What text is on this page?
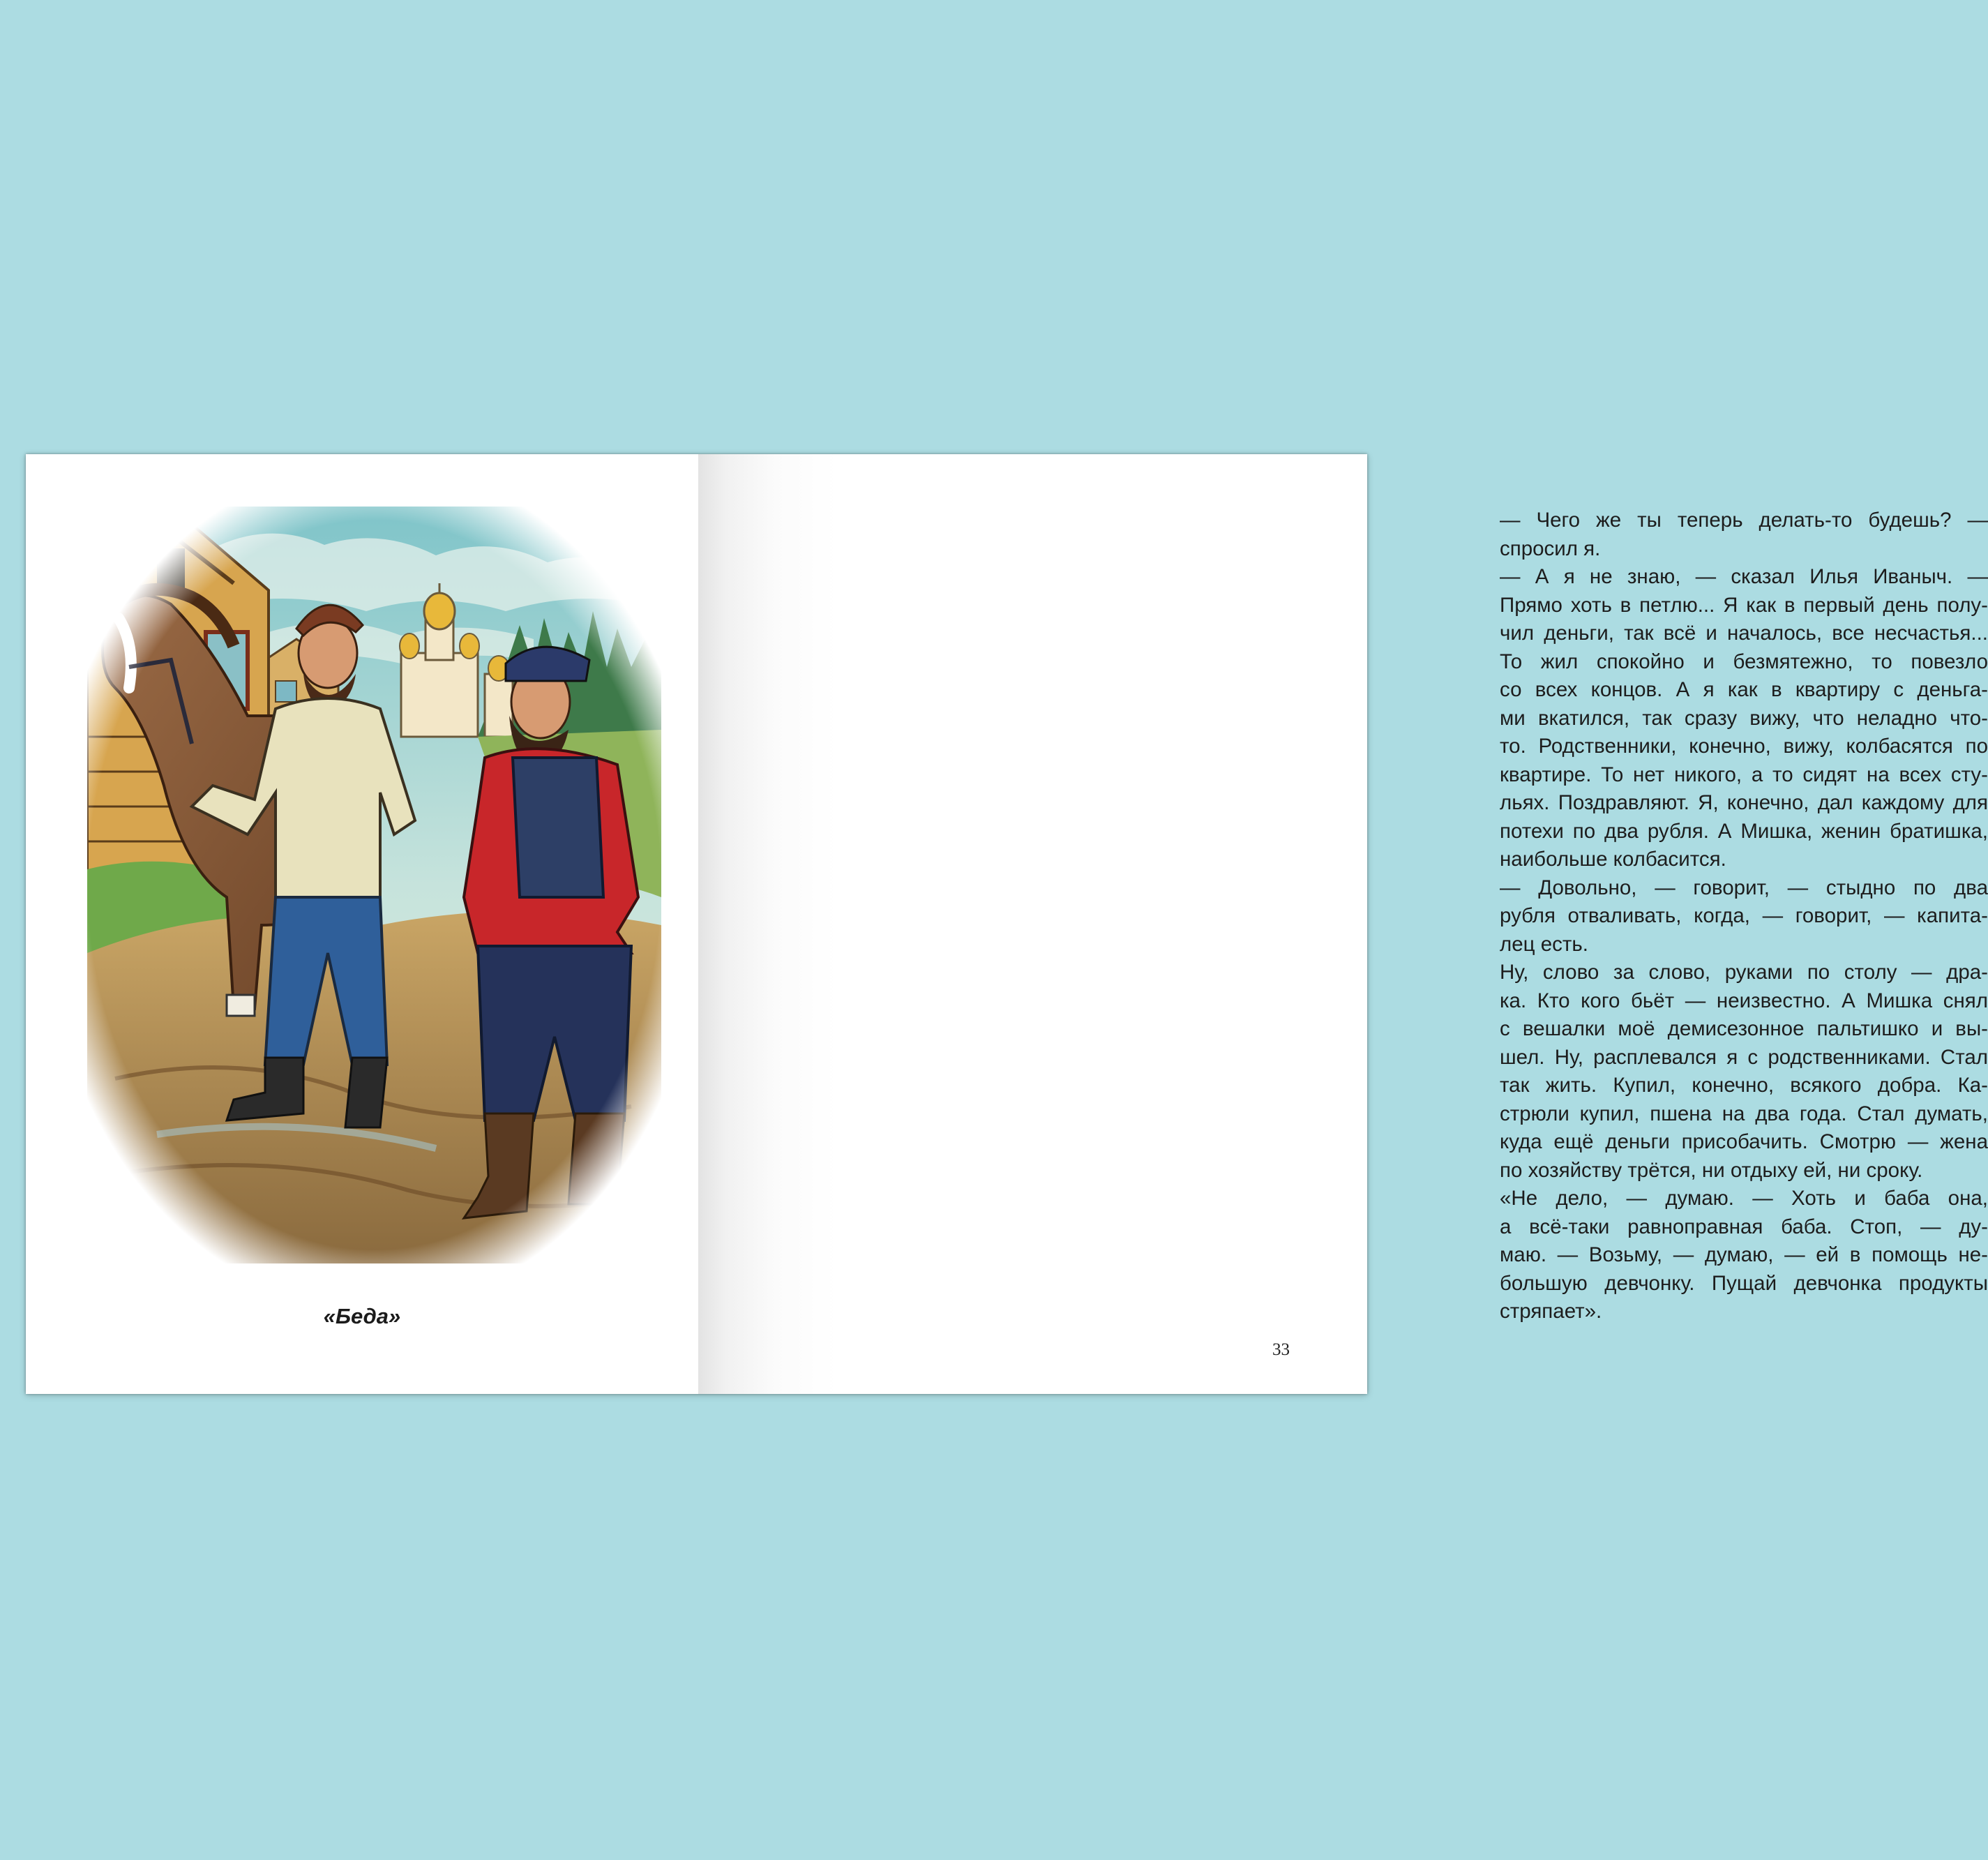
«Беда»

— Чего же ты теперь делать-то будешь? —
спросил я.

— А я не знаю, — сказал Илья Иваныч. —
Прямо хоть в петлю... Я как в первый день полу-
чил деньги, так всё и началось, все несчастья...
То жил спокойно и безмятежно, то повезло
со всех концов. А я как в квартиру с деньга-
ми вкатился, так сразу вижу, что неладно что-
то. Родственники, конечно, вижу, колбасятся по
квартире. То нет никого, а то сидят на всех сту-
льях. Поздравляют. Я, конечно, дал каждому для
потехи по два рубля. А Мишка, женин братишка,
наибольше колбасится.

— Довольно, — говорит, — стыдно по два
рубля отваливать, когда, — говорит, — капита-
лец есть.

Ну, слово за слово, руками по столу — дра-
ка. Кто кого бьёт — неизвестно. А Мишка снял
с вешалки моё демисезонное пальтишко и вы-
шел. Ну, расплевался я с родственниками. Стал
так жить. Купил, конечно, всякого добра. Ка-
стрюли купил, пшена на два года. Стал думать,
куда ещё деньги присобачить. Смотрю — жена
по хозяйству трётся, ни отдыху ей, ни сроку.

«Не дело, — думаю. — Хоть и баба она,
а всё-таки равноправная баба. Стоп, — ду-
маю. — Возьму, — думаю, — ей в помощь не-
большую девчонку. Пущай девчонка продукты
стряпает».

33
